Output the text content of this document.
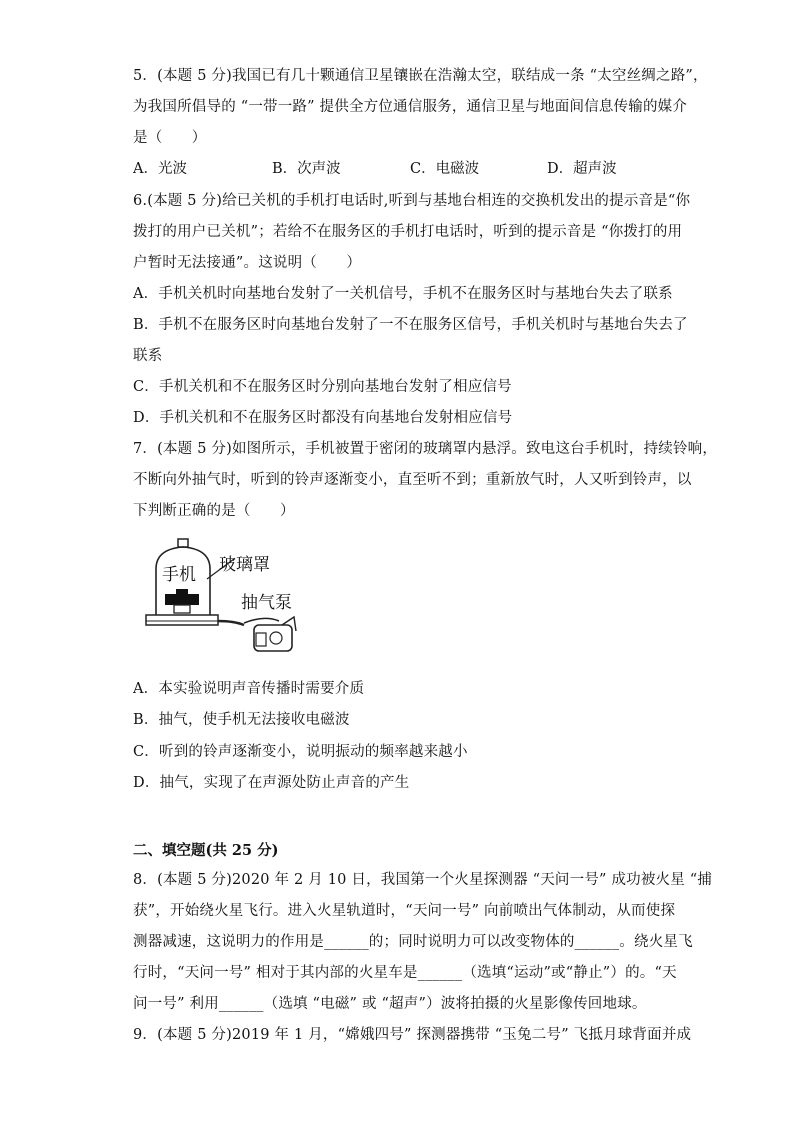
5．(本题 5 分)我国已有几十颗通信卫星镶嵌在浩瀚太空，联结成一条 “太空丝绸之路”，
为我国所倡导的 “一带一路” 提供全方位通信服务，通信卫星与地面间信息传输的媒介
是（　　）
A．光波	B．次声波	C．电磁波	D．超声波
6.(本题 5 分)给已关机的手机打电话时,听到与基地台相连的交换机发出的提示音是“你
拨打的用户已关机”；若给不在服务区的手机打电话时，听到的提示音是 “你拨打的用
户暂时无法接通”。这说明（　　）
A．手机关机时向基地台发射了一关机信号，手机不在服务区时与基地台失去了联系
B．手机不在服务区时向基地台发射了一不在服务区信号，手机关机时与基地台失去了
联系
C．手机关机和不在服务区时分别向基地台发射了相应信号
D．手机关机和不在服务区时都没有向基地台发射相应信号
7．(本题 5 分)如图所示，手机被置于密闭的玻璃罩内悬浮。致电这台手机时，持续铃响，
不断向外抽气时，听到的铃声逐渐变小，直至听不到；重新放气时，人又听到铃声，以
下判断正确的是（　　）
手机 玻璃罩
抽气泵
A．本实验说明声音传播时需要介质
B．抽气，使手机无法接收电磁波
C．听到的铃声逐渐变小，说明振动的频率越来越小
D．抽气，实现了在声源处防止声音的产生
二、填空题(共 25 分)
8．(本题 5 分)2020 年 2 月 10 日，我国第一个火星探测器 “天问一号” 成功被火星 “捕
获”，开始绕火星飞行。进入火星轨道时，“天问一号” 向前喷出气体制动，从而使探
测器减速，这说明力的作用是______的；同时说明力可以改变物体的______。绕火星飞
行时，“天问一号” 相对于其内部的火星车是______（选填“运动”或“静止”）的。“天
问一号” 利用______（选填 “电磁” 或 “超声”）波将拍摄的火星影像传回地球。
9．(本题 5 分)2019 年 1 月，“嫦娥四号” 探测器携带 “玉兔二号” 飞抵月球背面并成
